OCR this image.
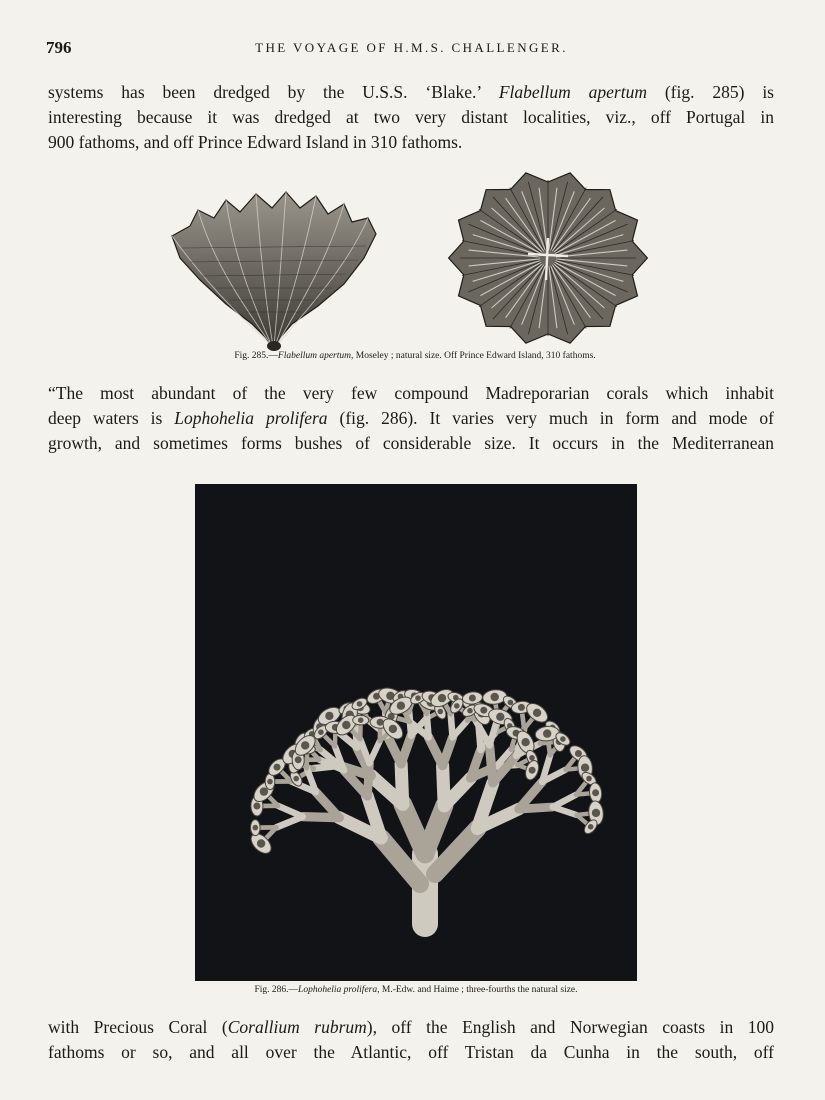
796	THE VOYAGE OF H.M.S. CHALLENGER.

systems has been dredged by the U.S.S. ‘Blake.’ Flabellum apertum (fig. 285) is
interesting because it was dredged at two very distant localities, viz., off Portugal in
900 fathoms, and off Prince Edward Island in 310 fathoms.

Fig. 285.—Flabellum apertum, Moseley ; natural size. Off Prince Edward Island, 310 fathoms.

“The most abundant of the very few compound Madreporarian corals which inhabit
deep waters is Lophohelia prolifera (fig. 286). It varies very much in form and mode of
growth, and sometimes forms bushes of considerable size. It occurs in the Mediterranean

Fig. 286.—Lophohelia prolifera, M.-Edw. and Haime ; three-fourths the natural size.

with Precious Coral (Corallium rubrum), off the English and Norwegian coasts in 100
fathoms or so, and all over the Atlantic, off Tristan da Cunha in the south, off
